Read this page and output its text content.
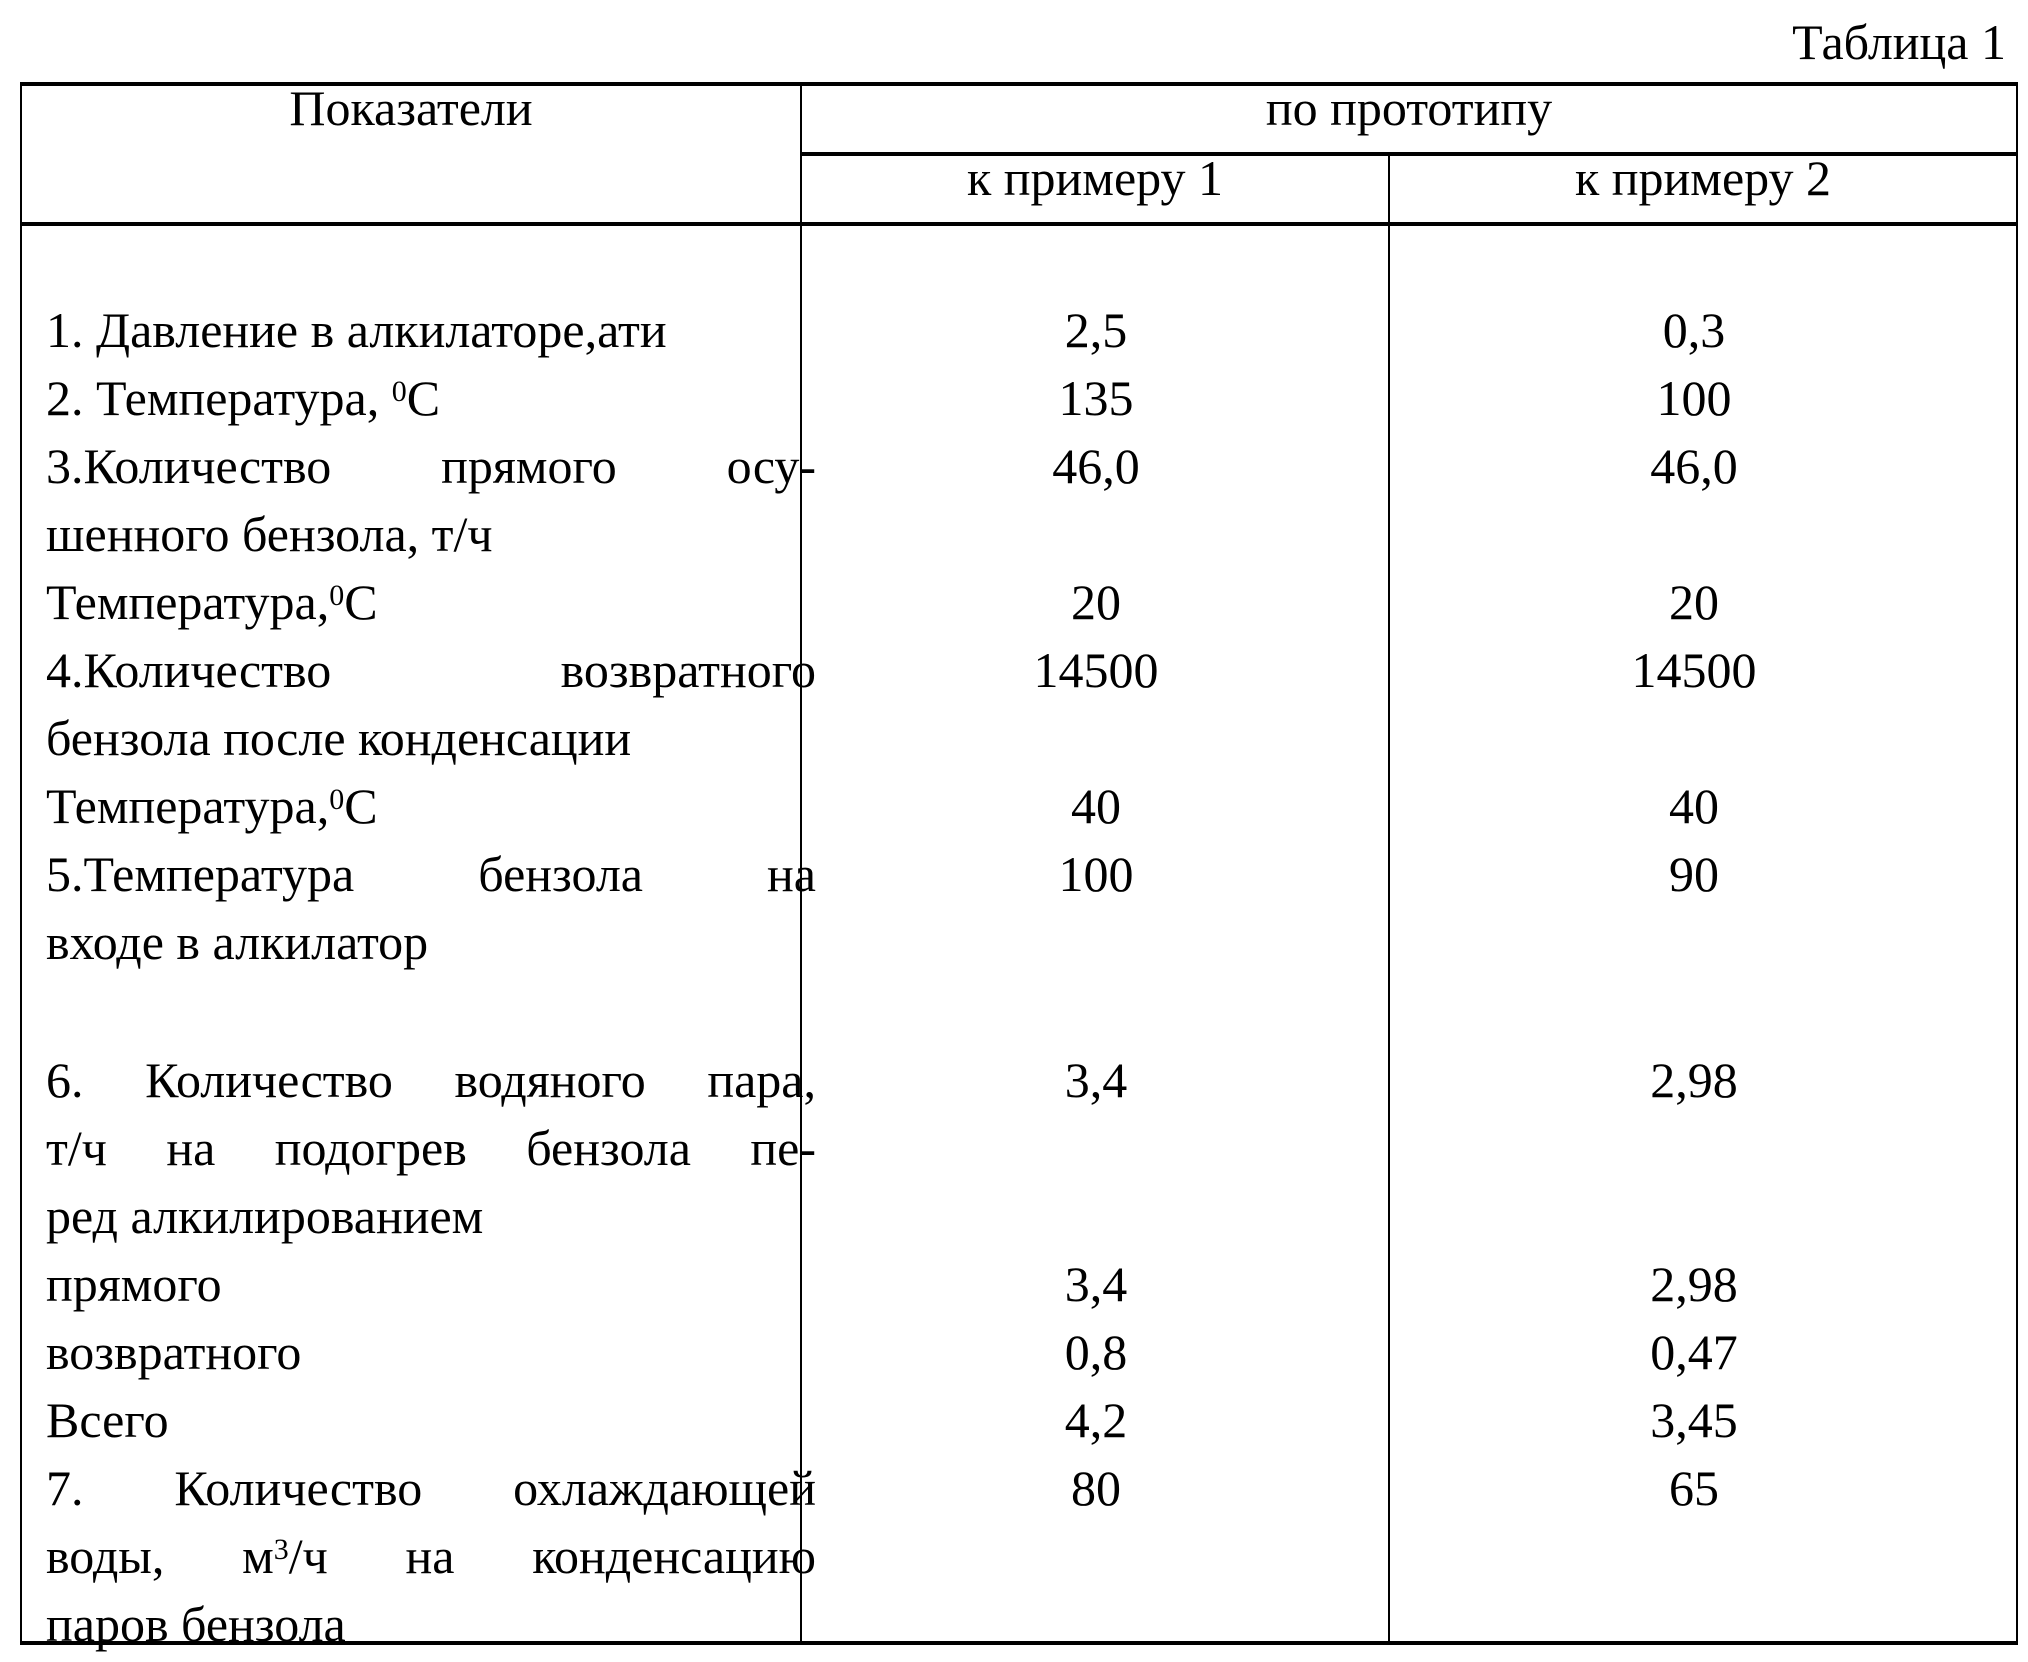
Таблица 1
Показатели	по прототипу
к примеру 1	к примеру 2
1. Давление в алкилаторе,ати	2,5	0,3
2. Температура, $^0$С	135	100
3.Количество прямого осу-
шенного бензола, т/ч
46,0	46,0
Температура,$^0$С	20	20
4.Количество возвратного
бензола после конденсации
14500	14500
Температура,$^0$С	40	40
5.Температура бензола на
входе в алкилатор
100	90
6. Количество водяного пара,
т/ч на подогрев бензола пе-
ред алкилированием
3,4	2,98
прямого	3,4	2,98
возвратного	0,8	0,47
Всего	4,2	3,45
7. Количество охлаждающей
воды, $м^3/ч$ на конденсацию
паров бензола
80	65
